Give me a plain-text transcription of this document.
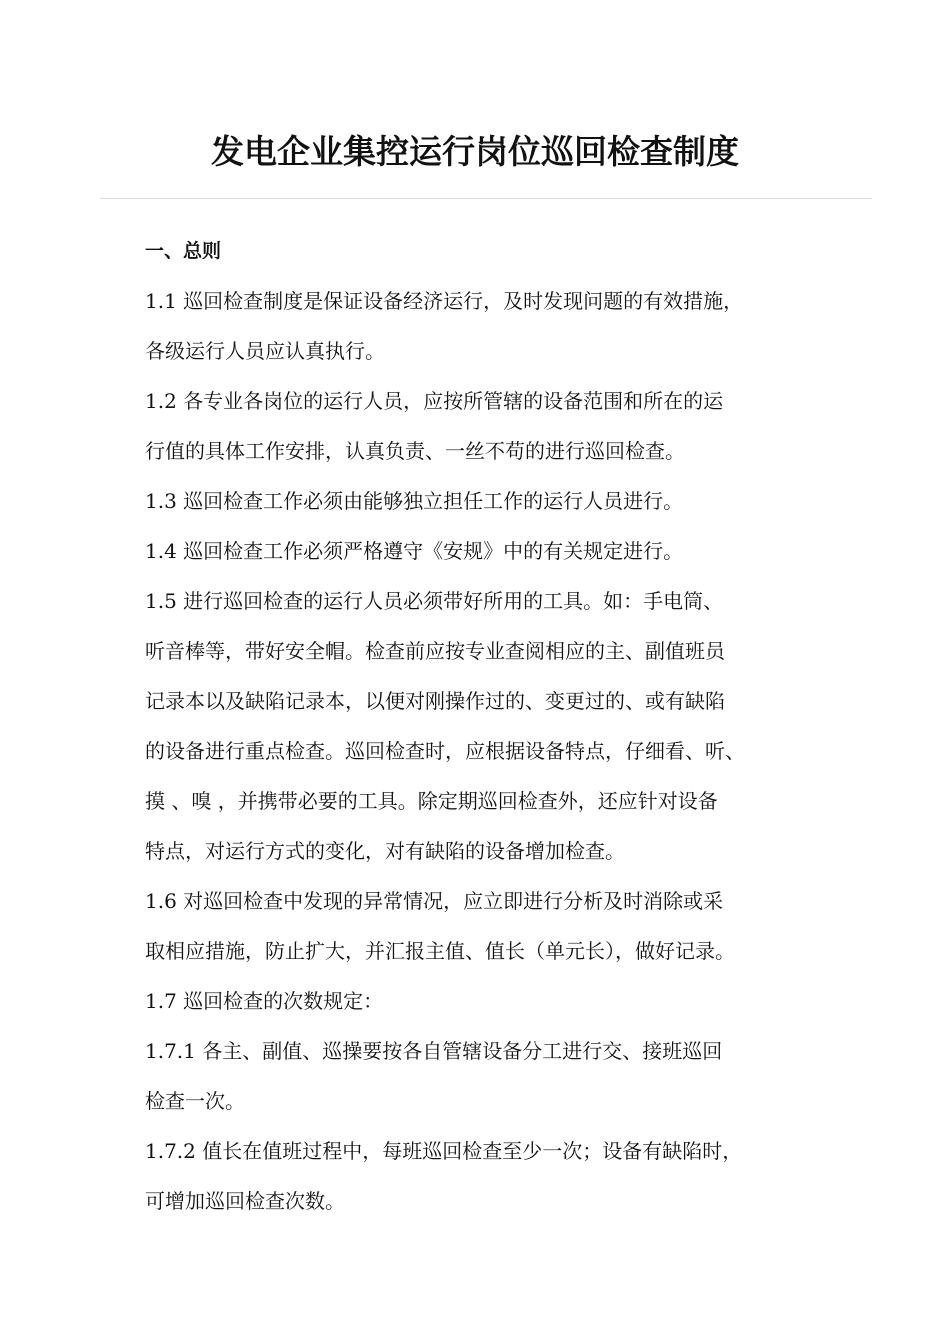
发电企业集控运行岗位巡回检查制度

一、总则

1.1 巡回检查制度是保证设备经济运行，及时发现问题的有效措施，
各级运行人员应认真执行。

1.2 各专业各岗位的运行人员，应按所管辖的设备范围和所在的运
行值的具体工作安排，认真负责、一丝不苟的进行巡回检查。

1.3 巡回检查工作必须由能够独立担任工作的运行人员进行。

1.4 巡回检查工作必须严格遵守《安规》中的有关规定进行。

1.5 进行巡回检查的运行人员必须带好所用的工具。如：手电筒、
听音棒等，带好安全帽。检查前应按专业查阅相应的主、副值班员
记录本以及缺陷记录本，以便对刚操作过的、变更过的、或有缺陷
的设备进行重点检查。巡回检查时，应根据设备特点，仔细看、听、
摸 、嗅 ，并携带必要的工具。除定期巡回检查外，还应针对设备
特点，对运行方式的变化，对有缺陷的设备增加检查。

1.6 对巡回检查中发现的异常情况，应立即进行分析及时消除或采
取相应措施，防止扩大，并汇报主值、值长（单元长），做好记录。

1.7 巡回检查的次数规定：

1.7.1 各主、副值、巡操要按各自管辖设备分工进行交、接班巡回
检查一次。

1.7.2 值长在值班过程中，每班巡回检查至少一次；设备有缺陷时，
可增加巡回检查次数。
